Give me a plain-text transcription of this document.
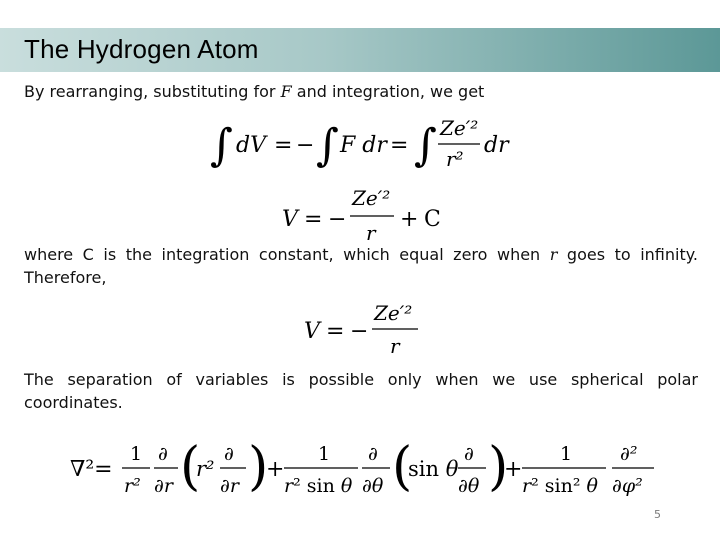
The Hydrogen Atom
By rearranging, substituting for F and integration, we get
∫ dV = − ∫ F dr = ∫ Ze′²
r²
dr
V = −
Ze′²
r
+ C
where C is the integration constant, which equal zero when r goes to infinity.
Therefore,
V = −
Ze′²
r
The separation of variables is possible only when we use spherical polar
coordinates.
∇²=
1
r²
∂
∂r (
r²
∂
∂r )
+
1
r² sin θ
∂
∂θ (
sin θ
∂
∂θ )
+
1
r² sin² θ
∂²
∂φ²
5
